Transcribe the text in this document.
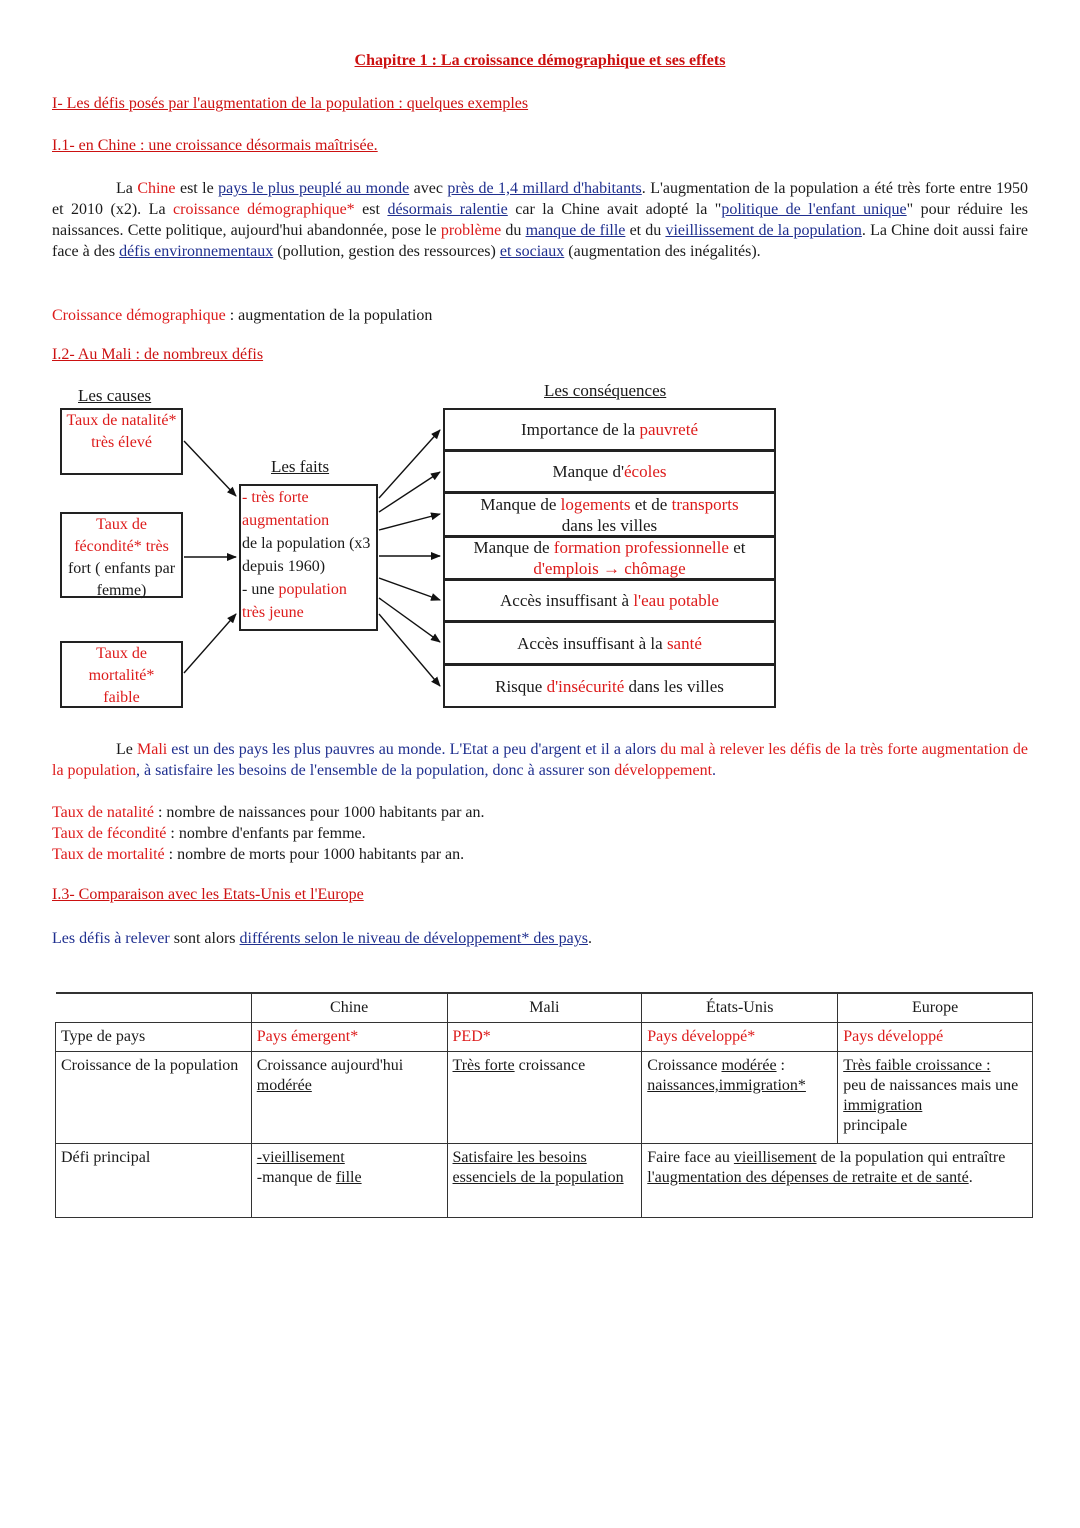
Chapitre 1 : La croissance démographique et ses effets
I- Les défis posés par l'augmentation de la population : quelques exemples
I.1- en Chine : une croissance désormais maîtrisée.
La Chine est le pays le plus peuplé au monde avec près de 1,4 millard d'habitants. L'augmentation de la population a été très forte entre 1950 et 2010 (x2). La croissance démographique* est désormais ralentie car la Chine avait adopté la "politique de l'enfant unique" pour réduire les naissances. Cette politique, aujourd'hui abandonnée, pose le problème du manque de fille et du vieillissement de la population. La Chine doit aussi faire face à des défis environnementaux (pollution, gestion des ressources) et sociaux (augmentation des inégalités).
Croissance démographique : augmentation de la population
I.2- Au Mali : de nombreux défis
Les causes
Les faits
Les conséquences
Taux de natalité* très élevé
Taux de
fécondité* très
fort ( enfants par femme)
Taux de mortalité* faible
- très forte augmentation
de la population (x3 depuis 1960)
- une population
très jeune
Importance de la pauvreté
Manque d'écoles
Manque de logements et de transports
dans les villes
Manque de formation professionnelle et
d'emplois → chômage
Accès insuffisant à l'eau potable
Accès insuffisant à la santé
Risque d'insécurité dans les villes
Le Mali est un des pays les plus pauvres au monde. L'Etat a peu d'argent et il a alors du mal à relever les défis de la très forte augmentation de la population, à satisfaire les besoins de l'ensemble de la population, donc à assurer son développement.
Taux de natalité : nombre de naissances pour 1000 habitants par an.
Taux de fécondité : nombre d'enfants par femme.
Taux de mortalité : nombre de morts pour 1000 habitants par an.
I.3- Comparaison avec les Etats-Unis et l'Europe
Les défis à relever sont alors différents selon le niveau de développement* des pays.
	Chine	Mali	États-Unis	Europe
Type de pays	Pays émergent*	PED*	Pays développé*	Pays développé
Croissance de la population	Croissance aujourd'hui
modérée	Très forte croissance	Croissance modérée :
naissances,immigration*	Très faible croissance :
peu de naissances mais une immigration
principale
Défi principal	-vieillisement
-manque de fille	Satisfaire les besoins essenciels de la population	Faire face au vieillisement de la population qui entraître l'augmentation des dépenses de retraite et de santé.	
